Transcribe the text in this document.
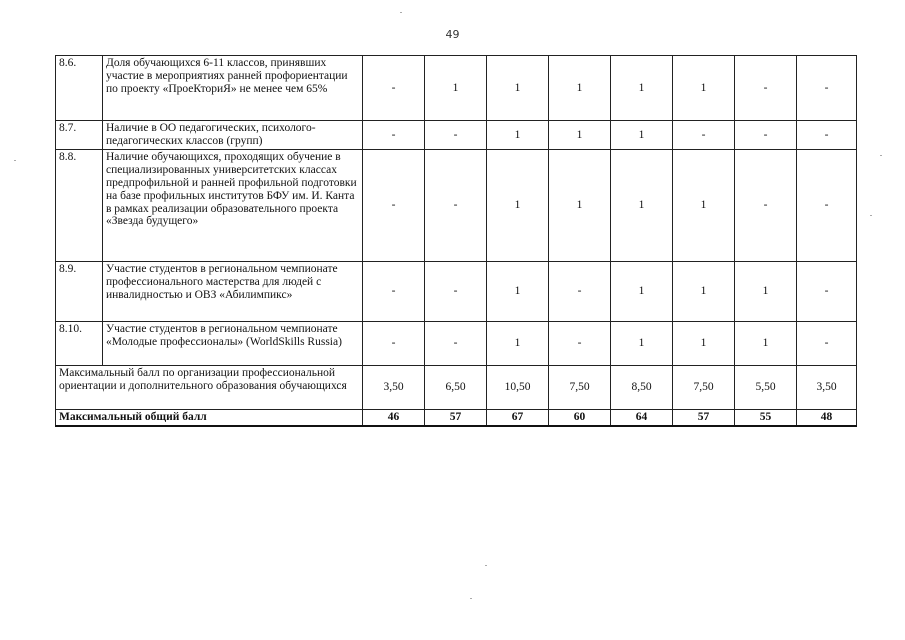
49
8.6.	Доля обучающихся 6-11 классов, принявших участие в мероприятиях ранней профориентации по проекту «ПроеКториЯ» не менее чем 65%	-	1	1	1	1	1	-	-
8.7.	Наличие в ОО педагогических, психолого-педагогических классов (групп)	-	-	1	1	1	-	-	-
8.8.	Наличие обучающихся, проходящих обучение в специализированных университетских классах предпрофильной и ранней профильной подготовки на базе профильных институтов БФУ им. И. Канта в рамках реализации образовательного проекта «Звезда будущего»	-	-	1	1	1	1	-	-
8.9.	Участие студентов в региональном чемпионате профессионального мастерства для людей с инвалидностью и ОВЗ «Абилимпикс»	-	-	1	-	1	1	1	-
8.10.	Участие студентов в региональном чемпионате «Молодые профессионалы» (WorldSkills Russia)	-	-	1	-	1	1	1	-
Максимальный балл по организации профессиональной ориентации и дополнительного образования обучающихся		3,50	6,50	10,50	7,50	8,50	7,50	5,50	3,50
Максимальный общий балл		46	57	67	60	64	57	55	48
